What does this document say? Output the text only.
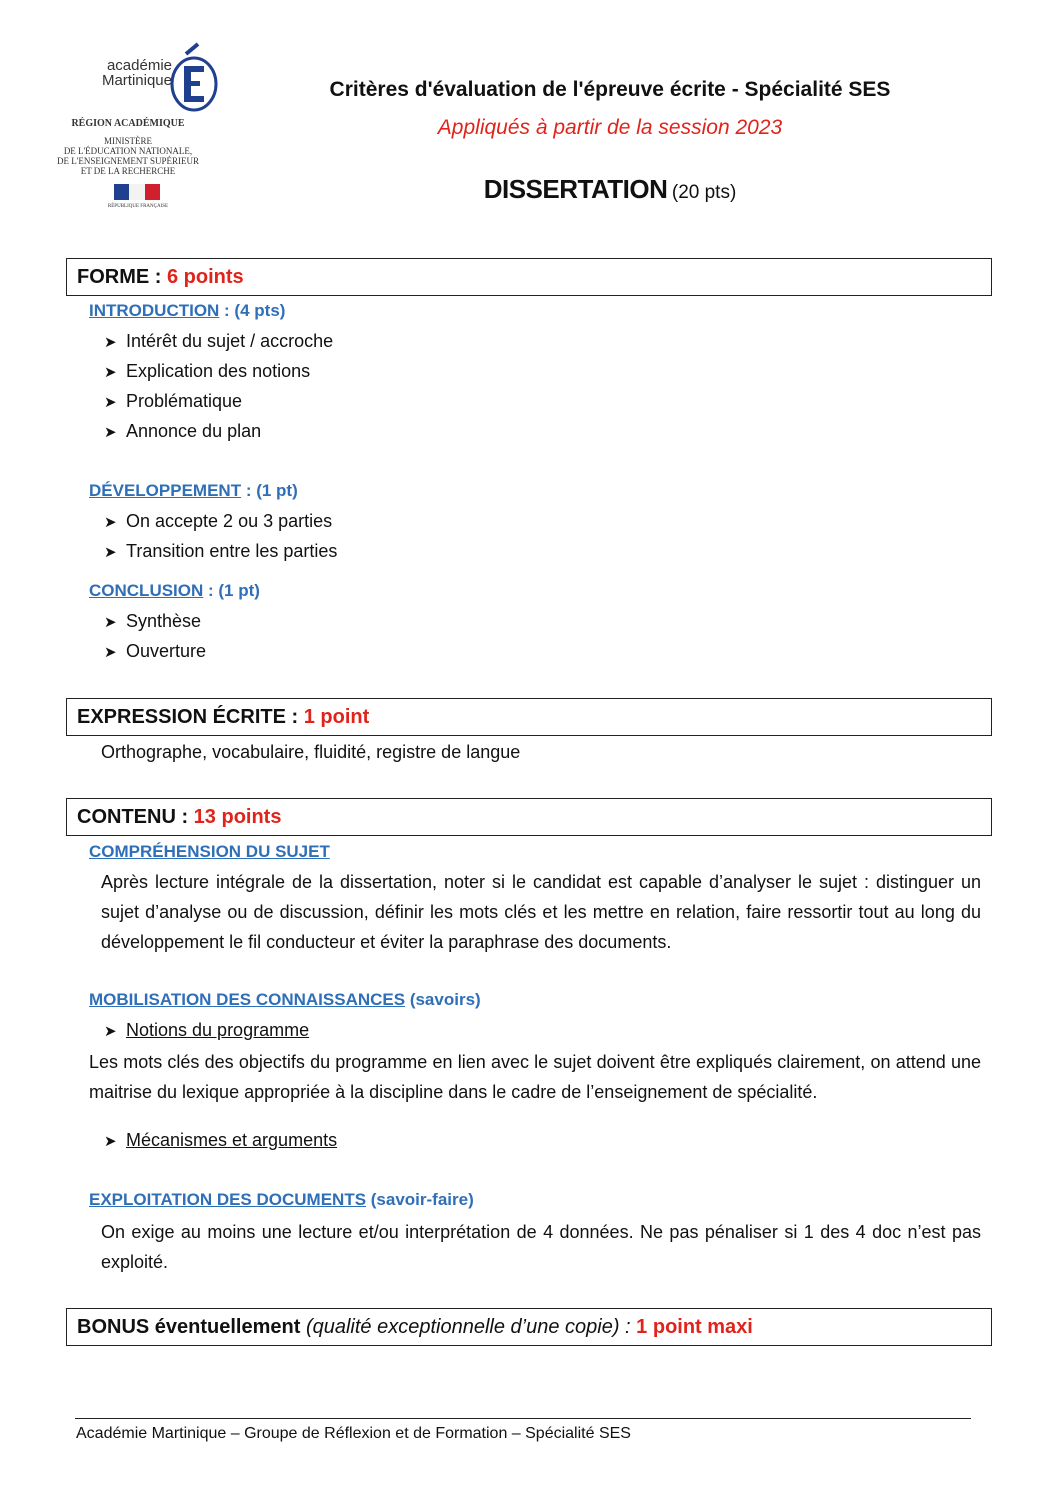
académie
Martinique
RÉGION ACADÉMIQUE
MINISTÈRE
DE L'ÉDUCATION NATIONALE,
DE L'ENSEIGNEMENT SUPÉRIEUR
ET DE LA RECHERCHE
RÉPUBLIQUE FRANÇAISE
Critères d'évaluation de l'épreuve écrite - Spécialité SES
Appliqués à partir de la session 2023
DISSERTATION (20 pts)
FORME : 6 points
INTRODUCTION : (4 pts)
➤ Intérêt du sujet / accroche
➤ Explication des notions
➤ Problématique
➤ Annonce du plan
DÉVELOPPEMENT : (1 pt)
➤ On accepte 2 ou 3 parties
➤ Transition entre les parties
CONCLUSION : (1 pt)
➤ Synthèse
➤ Ouverture
EXPRESSION ÉCRITE : 1 point
Orthographe, vocabulaire, fluidité, registre de langue
CONTENU : 13 points
COMPRÉHENSION DU SUJET
Après lecture intégrale de la dissertation, noter si le candidat est capable d’analyser le sujet : distinguer un sujet d’analyse ou de discussion, définir les mots clés et les mettre en relation, faire ressortir tout au long du développement le fil conducteur et éviter la paraphrase des documents.
MOBILISATION DES CONNAISSANCES (savoirs)
➤ Notions du programme
Les mots clés des objectifs du programme en lien avec le sujet doivent être expliqués clairement, on attend une maitrise du lexique appropriée à la discipline dans le cadre de l’enseignement de spécialité.
➤ Mécanismes et arguments
EXPLOITATION DES DOCUMENTS (savoir-faire)
On exige au moins une lecture et/ou interprétation de 4 données. Ne pas pénaliser si 1 des 4 doc n’est pas exploité.
BONUS éventuellement (qualité exceptionnelle d’une copie) : 1 point maxi
Académie Martinique – Groupe de Réflexion et de Formation – Spécialité SES
